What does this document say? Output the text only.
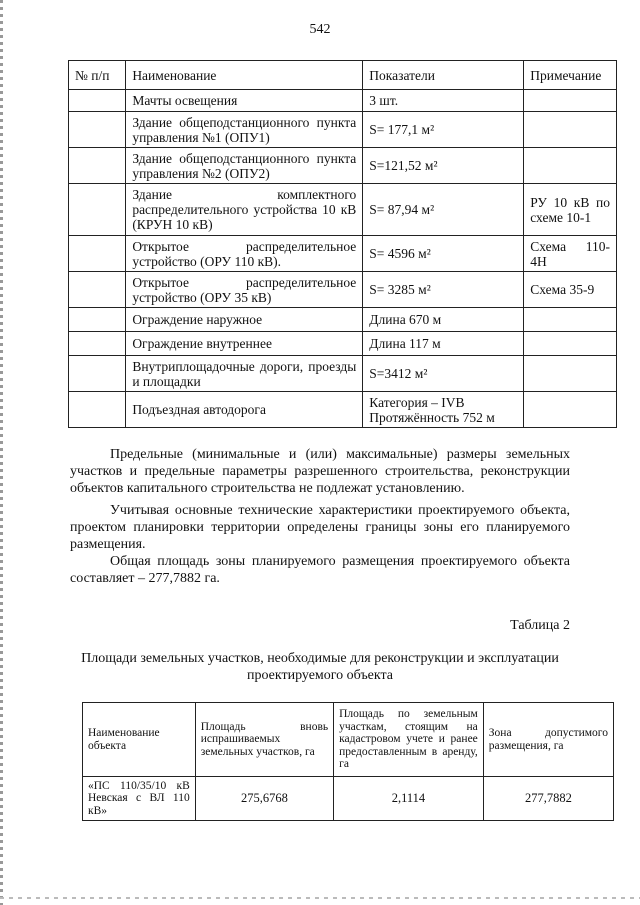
542
№ п/п	Наименование	Показатели	Примечание
	Мачты освещения	3 шт.	
	Здание общеподстанционного пункта управления №1 (ОПУ1)	S= 177,1 м²	
	Здание общеподстанционного пункта управления №2 (ОПУ2)	S=121,52 м²	
	Здание комплектного распределительного устройства 10 кВ (КРУН 10 кВ)	S= 87,94 м²	РУ 10 кВ по схеме 10-1
	Открытое распределительное устройство (ОРУ 110 кВ).	S= 4596 м²	Схема 110-4Н
	Открытое распределительное устройство (ОРУ 35 кВ)	S= 3285 м²	Схема 35-9
	Ограждение наружное	Длина 670 м	
	Ограждение внутреннее	Длина 117 м	
	Внутриплощадочные дороги, проезды и площадки	S=3412 м²	
	Подъездная автодорога	Категория – IVB
Протяжённость 752 м	

Предельные (минимальные и (или) максимальные) размеры земельных участков и предельные параметры разрешенного строительства, реконструкции объектов капитального строительства не подлежат установлению.

Учитывая основные технические характеристики проектируемого объекта, проектом планировки территории определены границы зоны его планируемого размещения.

Общая площадь зоны планируемого размещения проектируемого объекта составляет – 277,7882 га.

Таблица 2
Площади земельных участков, необходимые для реконструкции и эксплуатации проектируемого объекта
Наименование объекта	Площадь вновь испрашиваемых земельных участков, га	Площадь по земельным участкам, стоящим на кадастровом учете и ранее предоставленным в аренду, га	Зона допустимого размещения, га
«ПС 110/35/10 кВ Невская с ВЛ 110 кВ»	275,6768	2,1114	277,7882
